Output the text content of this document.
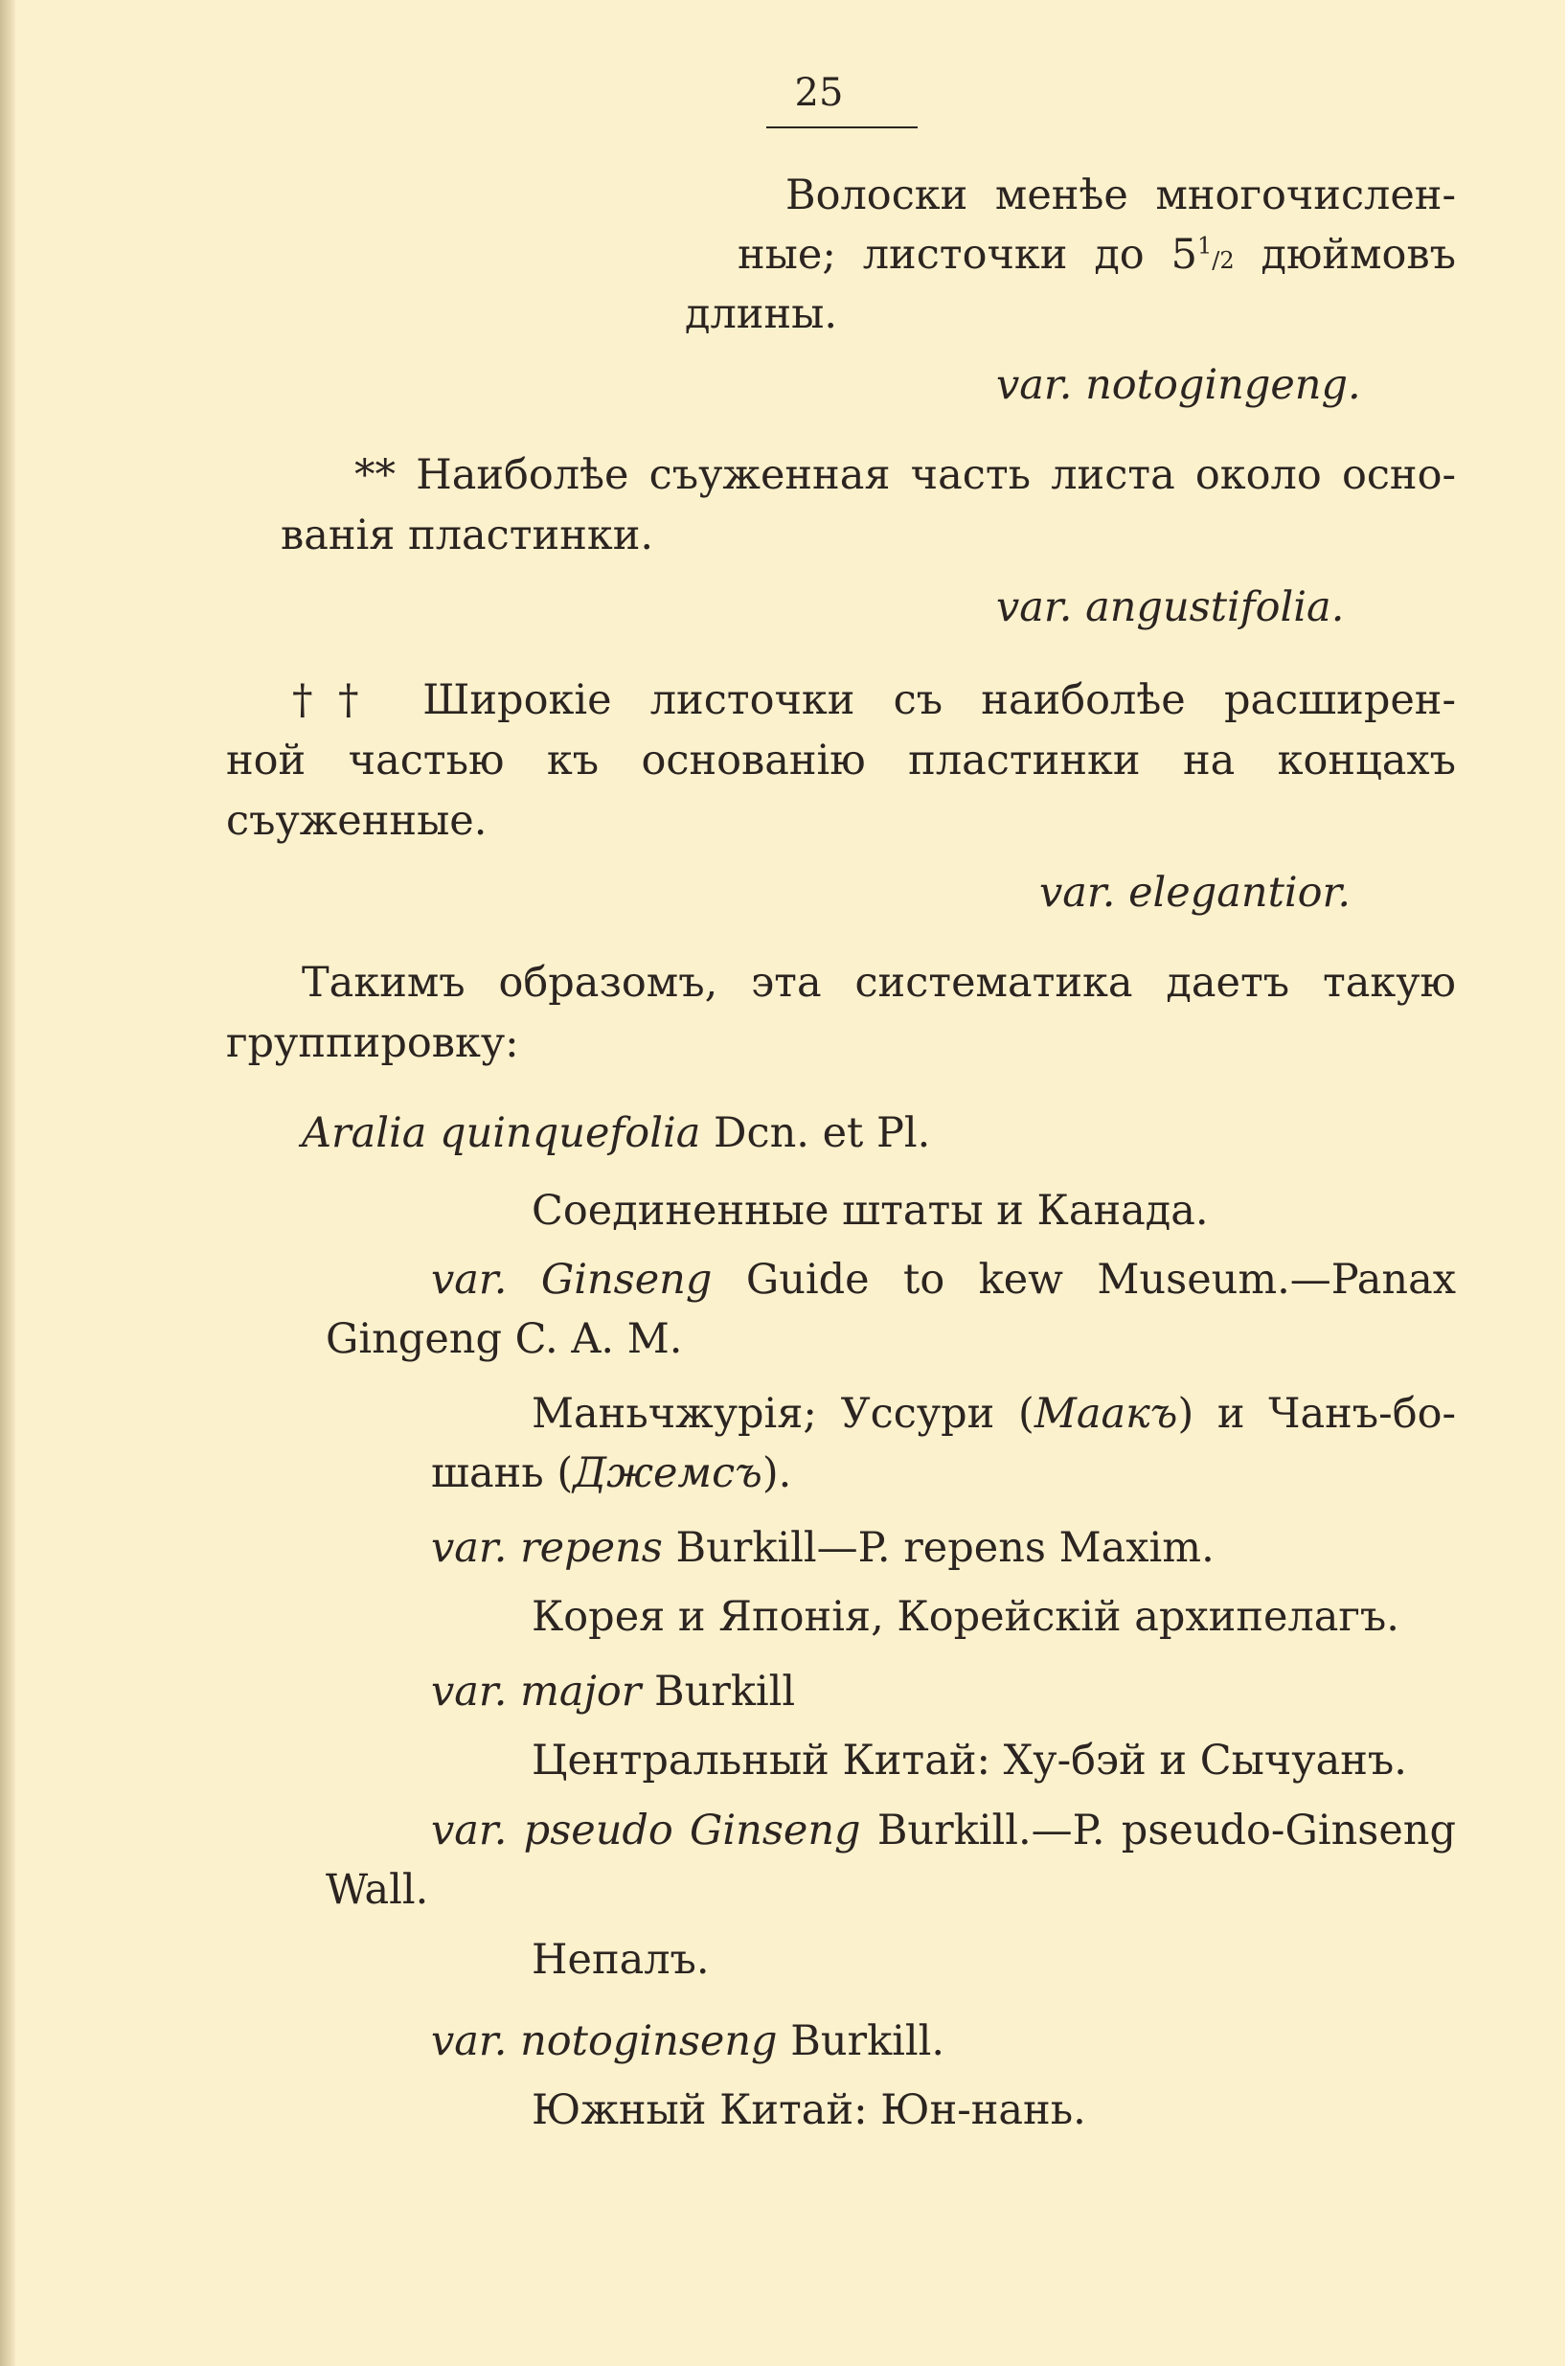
25
Волоски менѣе многочислен-
ные; листочки до $5^1/2$ дюймовъ
длины.
var. notogingeng.
** Наиболѣе съуженная часть листа около осно-
ванія пластинки.
var. angustifolia.
†† Широкіе листочки съ наиболѣе расширен-
ной частью къ основанію пластинки на концахъ
съуженные.
var. elegantior.
Такимъ образомъ, эта систематика даетъ такую
группировку:
Aralia quinquefolia Dcn. et Pl.
Соединенные штаты и Канада.
var. Ginseng Guide to kew Museum.—Panax
Gingeng C. A. M.
Маньчжурія; Уссури (Маакъ) и Чанъ-бо-
шань (Джемсъ).
var. repens Burkill—P. repens Maxim.
Корея и Японія, Корейскій архипелагъ.
var. major Burkill
Центральный Китай: Ху-бэй и Сычуанъ.
var. pseudo Ginseng Burkill.—P. pseudo-Ginseng
Wall.
Непалъ.
var. notoginseng Burkill.
Южный Китай: Юн-нань.
